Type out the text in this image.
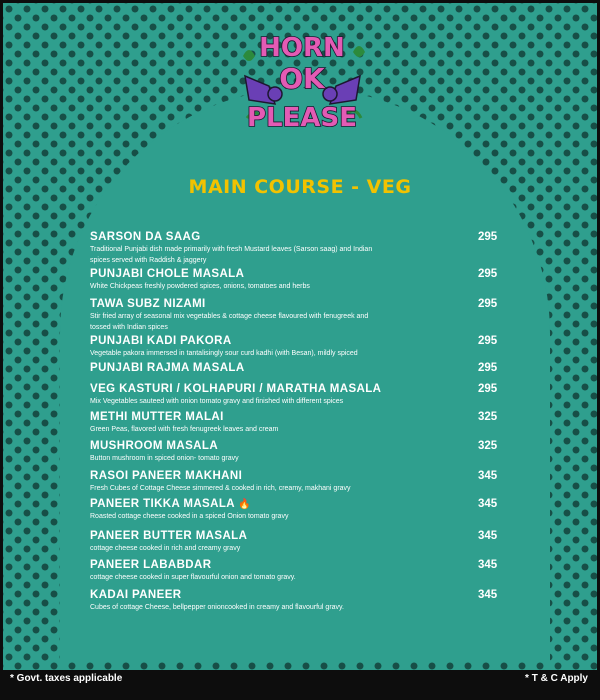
HORN
OK
PLEASE
MAIN COURSE - VEG
SARSON DA SAAG
Traditional Punjabi dish made primarily with fresh Mustard leaves (Sarson saag) and Indian spices served with Raddish & jaggery
295
PUNJABI CHOLE MASALA
White Chickpeas freshly powdered spices, onions, tomatoes and herbs
295
TAWA SUBZ NIZAMI
Stir fried array of seasonal mix vegetables & cottage cheese flavoured with fenugreek and tossed with Indian spices
295
PUNJABI KADI PAKORA
Vegetable pakora immersed in tantalisingly sour curd kadhi (with Besan), mildly spiced
295
PUNJABI RAJMA MASALA	295
VEG KASTURI / KOLHAPURI / MARATHA MASALA
Mix Vegetables sauteed with onion tomato gravy and finished with different spices
295
METHI MUTTER MALAI
Green Peas, flavored with fresh fenugreek leaves and cream
325
MUSHROOM MASALA
Button mushroom in spiced onion- tomato gravy
325
RASOI PANEER MAKHANI
Fresh Cubes of Cottage Cheese simmered & cooked in rich, creamy, makhani gravy
345
PANEER TIKKA MASALA 🔥
Roasted cottage cheese cooked in a spiced Onion tomato gravy
345
PANEER BUTTER MASALA
cottage cheese cooked in rich and creamy gravy
345
PANEER LABABDAR
cottage cheese cooked in super flavourful onion and tomato gravy.
345
KADAI PANEER
Cubes of cottage Cheese, bellpepper onioncooked in creamy and flavourful gravy.
345
* Govt. taxes applicable	* T & C Apply
